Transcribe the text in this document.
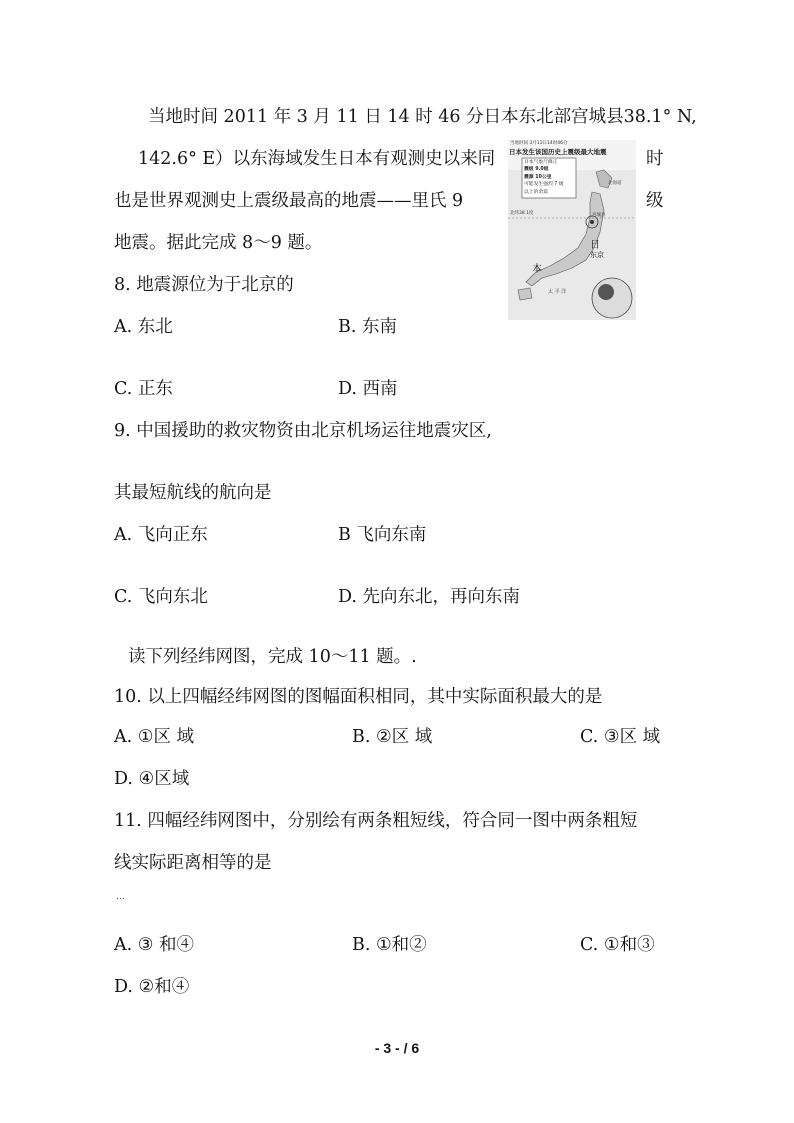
当地时间 2011 年 3 月 11 日 14 时 46 分日本东北部宫城县38.1° N,
142.6° E）以东海域发生日本有观测史以来同	时
也是世界观测史上震级最高的地震——里氏 9	级
地震。据此完成 8～9 题。
当地时间 3月11日14时46分
日本发生该国历史上震级最大地震
日本气象厅修正
震级 9.0级
震源 10公里
可能发生强烈 7 级
以上的余震
北海道
北纬38.1度	宫城县
日
东京
本
太 平 洋
8. 地震源位为于北京的
A. 东北	B. 东南
C. 正东	D. 西南
9. 中国援助的救灾物资由北京机场运往地震灾区,
其最短航线的航向是
A. 飞向正东	B 飞向东南
C. 飞向东北	D. 先向东北，再向东南
读下列经纬网图，完成 10～11 题。.
10. 以上四幅经纬网图的图幅面积相同，其中实际面积最大的是
A. ①区 域	B. ②区 域	C. ③区 域
D. ④区域
11. 四幅经纬网图中，分别绘有两条粗短线，符合同一图中两条粗短
线实际距离相等的是
…
A. ③ 和④	B. ①和②	C. ①和③
D. ②和④
- 3 - / 6
